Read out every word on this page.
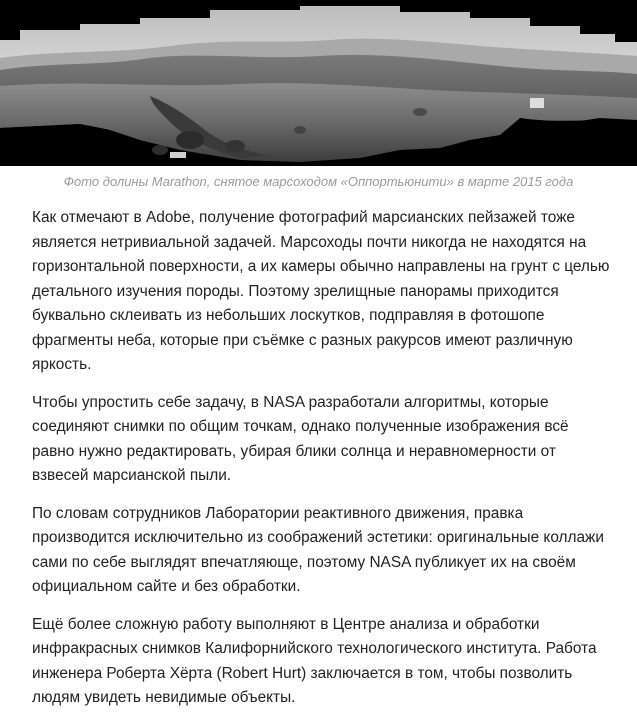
Фото долины Marathon, снятое марсоходом «Оппортьюнити» в марте 2015 года

Как отмечают в Adobe, получение фотографий марсианских пейзажей тоже является нетривиальной задачей. Марсоходы почти никогда не находятся на горизонтальной поверхности, а их камеры обычно направлены на грунт с целью детального изучения породы. Поэтому зрелищные панорамы приходится буквально склеивать из небольших лоскутков, подправляя в фотошопе фрагменты неба, которые при съёмке с разных ракурсов имеют различную яркость.

Чтобы упростить себе задачу, в NASA разработали алгоритмы, которые соединяют снимки по общим точкам, однако полученные изображения всё равно нужно редактировать, убирая блики солнца и неравномерности от взвесей марсианской пыли.

По словам сотрудников Лаборатории реактивного движения, правка производится исключительно из соображений эстетики: оригинальные коллажи сами по себе выглядят впечатляюще, поэтому NASA публикует их на своём официальном сайте и без обработки.

Ещё более сложную работу выполняют в Центре анализа и обработки инфракрасных снимков Калифорнийского технологического института. Работа инженера Роберта Хёрта (Robert Hurt) заключается в том, чтобы позволить людям увидеть невидимые объекты.
